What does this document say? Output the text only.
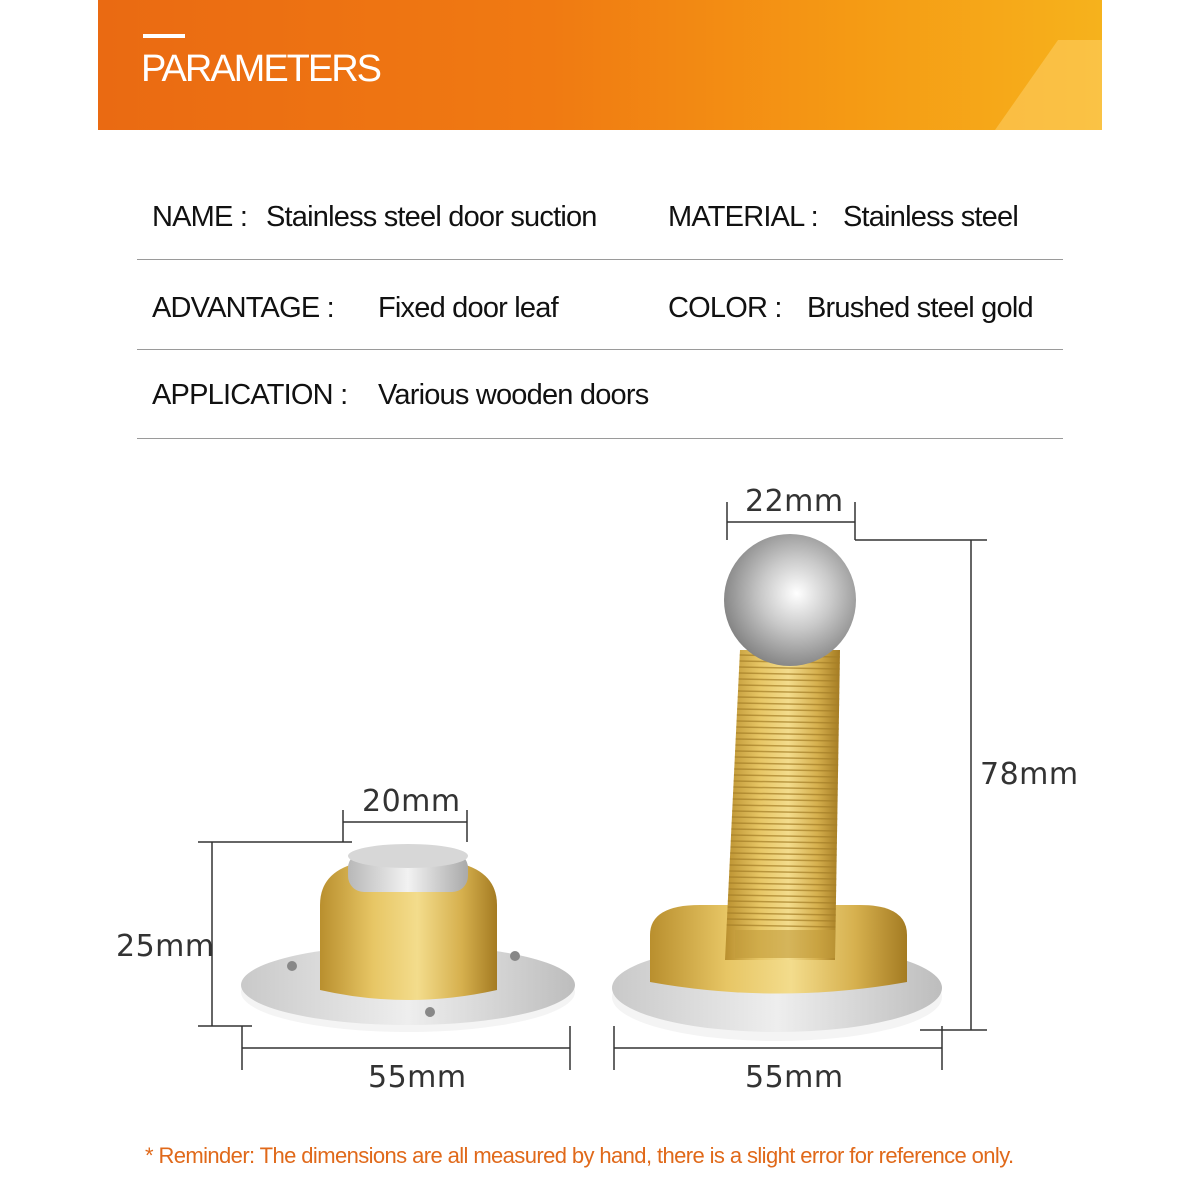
PARAMETERS
NAME : Stainless steel door suction MATERIAL : Stainless steel
ADVANTAGE : Fixed door leaf	COLOR : Brushed steel gold
APPLICATION : Various wooden doors
20mm
25mm
55mm
22mm
78mm
55mm
* Reminder: The dimensions are all measured by hand, there is a slight error for reference only.
